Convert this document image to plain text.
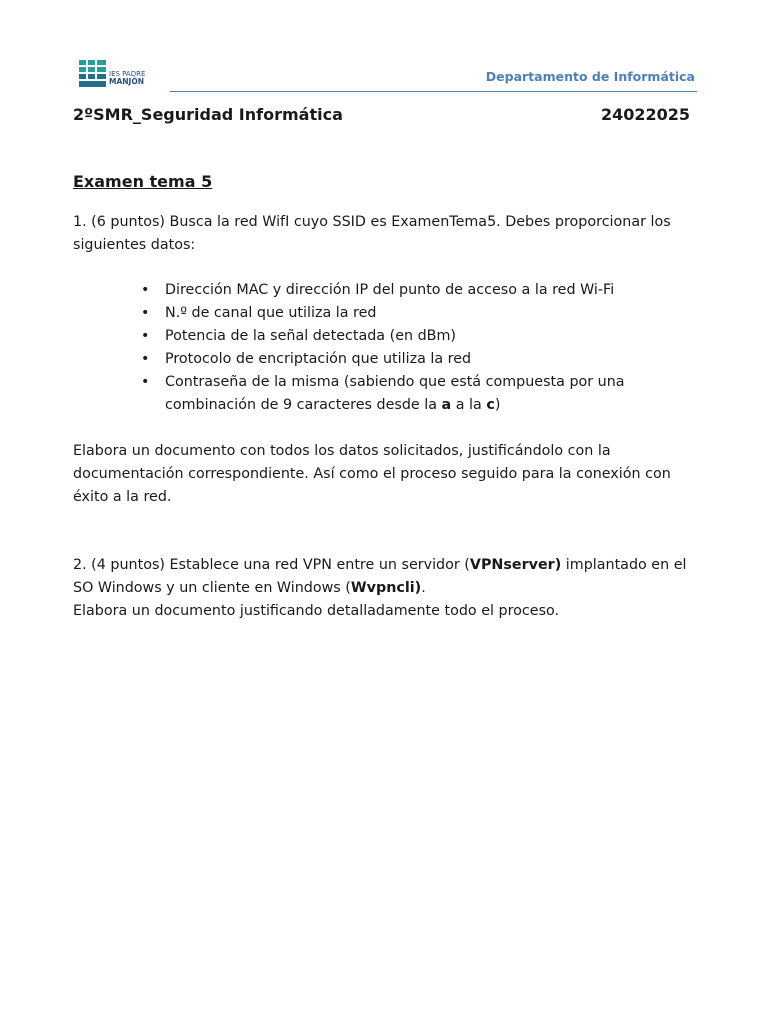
IES PADRE
MANJÓN	Departamento de Informática
2ºSMR_Seguridad Informática	24022025
Examen tema 5
1. (6 puntos) Busca la red WifI cuyo SSID es ExamenTema5. Debes proporcionar los siguientes datos:
• Dirección MAC y dirección IP del punto de acceso a la red Wi-Fi
• N.º de canal que utiliza la red
• Potencia de la señal detectada (en dBm)
• Protocolo de encriptación que utiliza la red
• Contraseña de la misma (sabiendo que está compuesta por una combinación de 9 caracteres desde la a a la c)
Elabora un documento con todos los datos solicitados, justificándolo con la documentación correspondiente. Así como el proceso seguido para la conexión con éxito a la red.
2. (4 puntos) Establece una red VPN entre un servidor (VPNserver) implantado en el SO Windows y un cliente en Windows (Wvpncli).
Elabora un documento justificando detalladamente todo el proceso.
